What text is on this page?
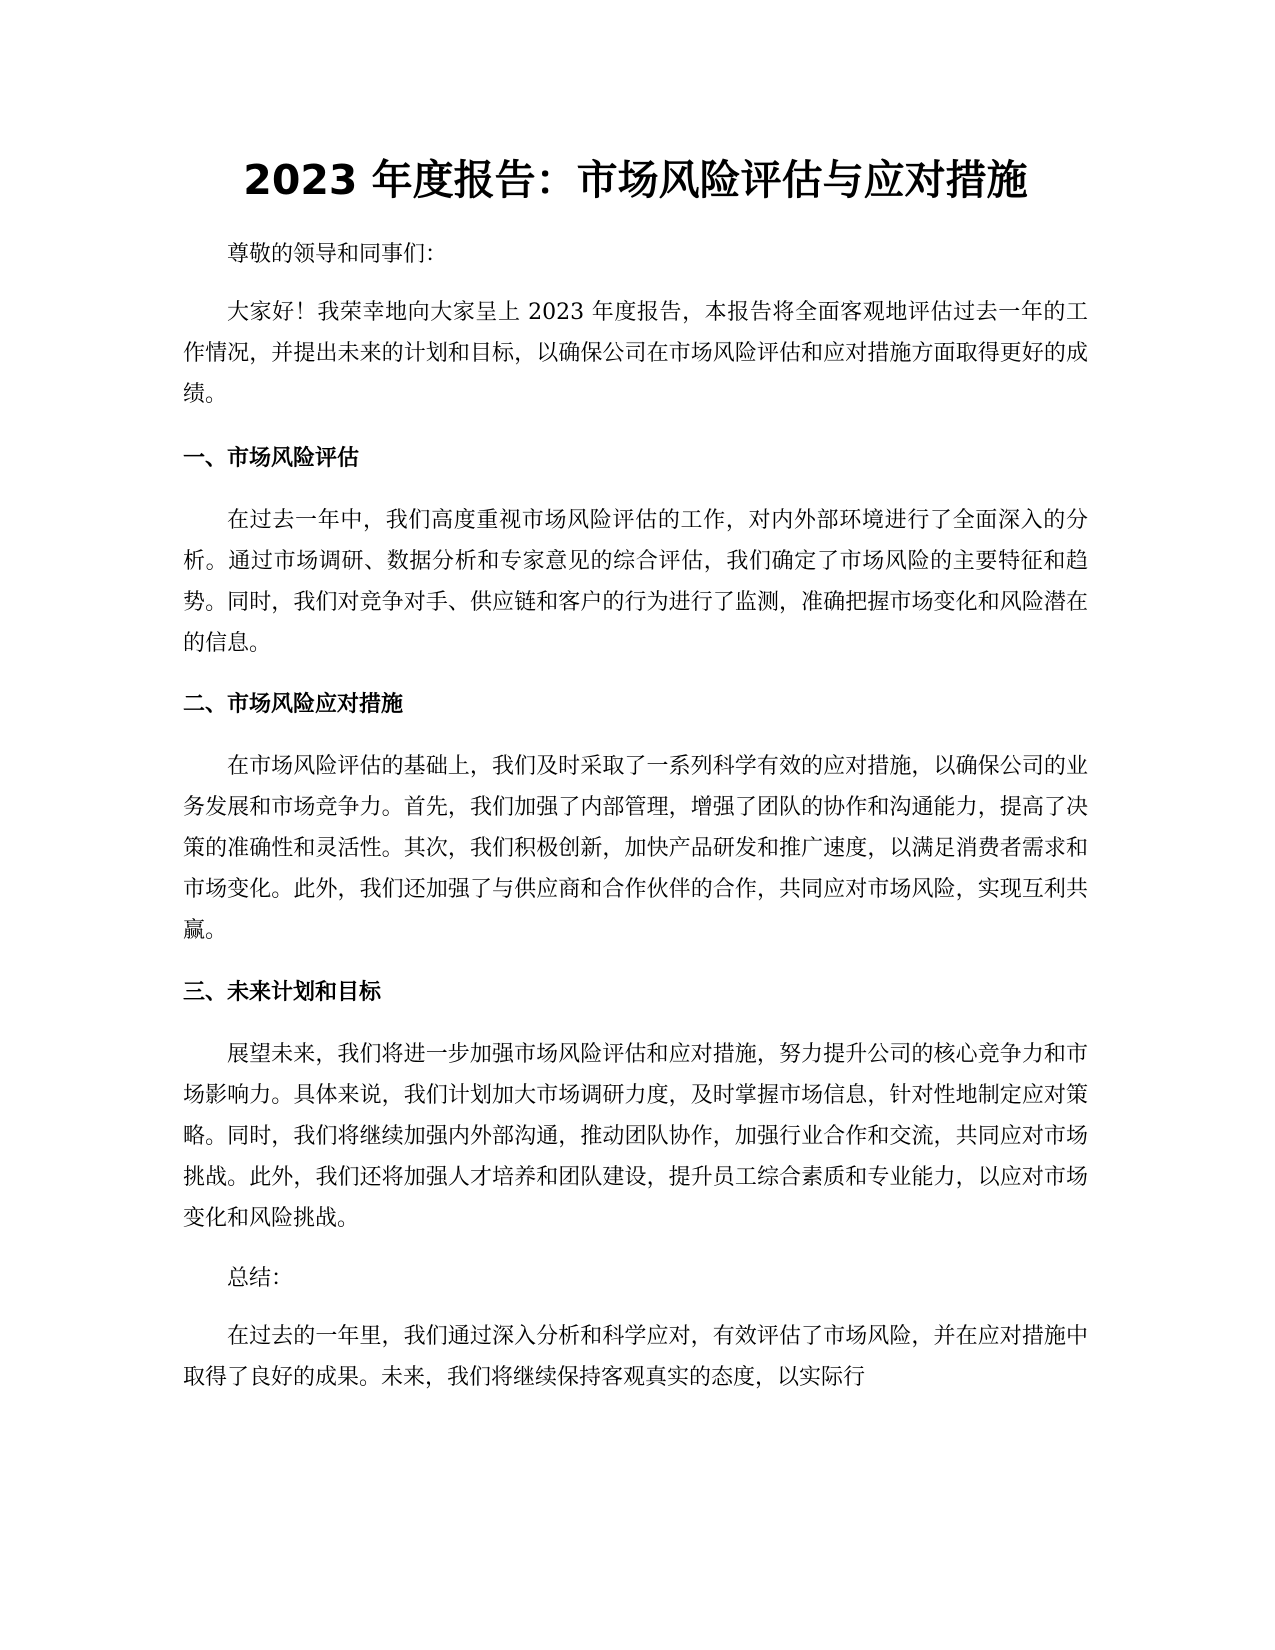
2023 年度报告：市场风险评估与应对措施

尊敬的领导和同事们：

大家好！我荣幸地向大家呈上 2023 年度报告，本报告将全面客观地评估过去一年的工作情况，并提出未来的计划和目标，以确保公司在市场风险评估和应对措施方面取得更好的成绩。

一、市场风险评估

在过去一年中，我们高度重视市场风险评估的工作，对内外部环境进行了全面深入的分析。通过市场调研、数据分析和专家意见的综合评估，我们确定了市场风险的主要特征和趋势。同时，我们对竞争对手、供应链和客户的行为进行了监测，准确把握市场变化和风险潜在的信息。

二、市场风险应对措施

在市场风险评估的基础上，我们及时采取了一系列科学有效的应对措施，以确保公司的业务发展和市场竞争力。首先，我们加强了内部管理，增强了团队的协作和沟通能力，提高了决策的准确性和灵活性。其次，我们积极创新，加快产品研发和推广速度，以满足消费者需求和市场变化。此外，我们还加强了与供应商和合作伙伴的合作，共同应对市场风险，实现互利共赢。

三、未来计划和目标

展望未来，我们将进一步加强市场风险评估和应对措施，努力提升公司的核心竞争力和市场影响力。具体来说，我们计划加大市场调研力度，及时掌握市场信息，针对性地制定应对策略。同时，我们将继续加强内外部沟通，推动团队协作，加强行业合作和交流，共同应对市场挑战。此外，我们还将加强人才培养和团队建设，提升员工综合素质和专业能力，以应对市场变化和风险挑战。

总结：

在过去的一年里，我们通过深入分析和科学应对，有效评估了市场风险，并在应对措施中取得了良好的成果。未来，我们将继续保持客观真实的态度，以实际行
